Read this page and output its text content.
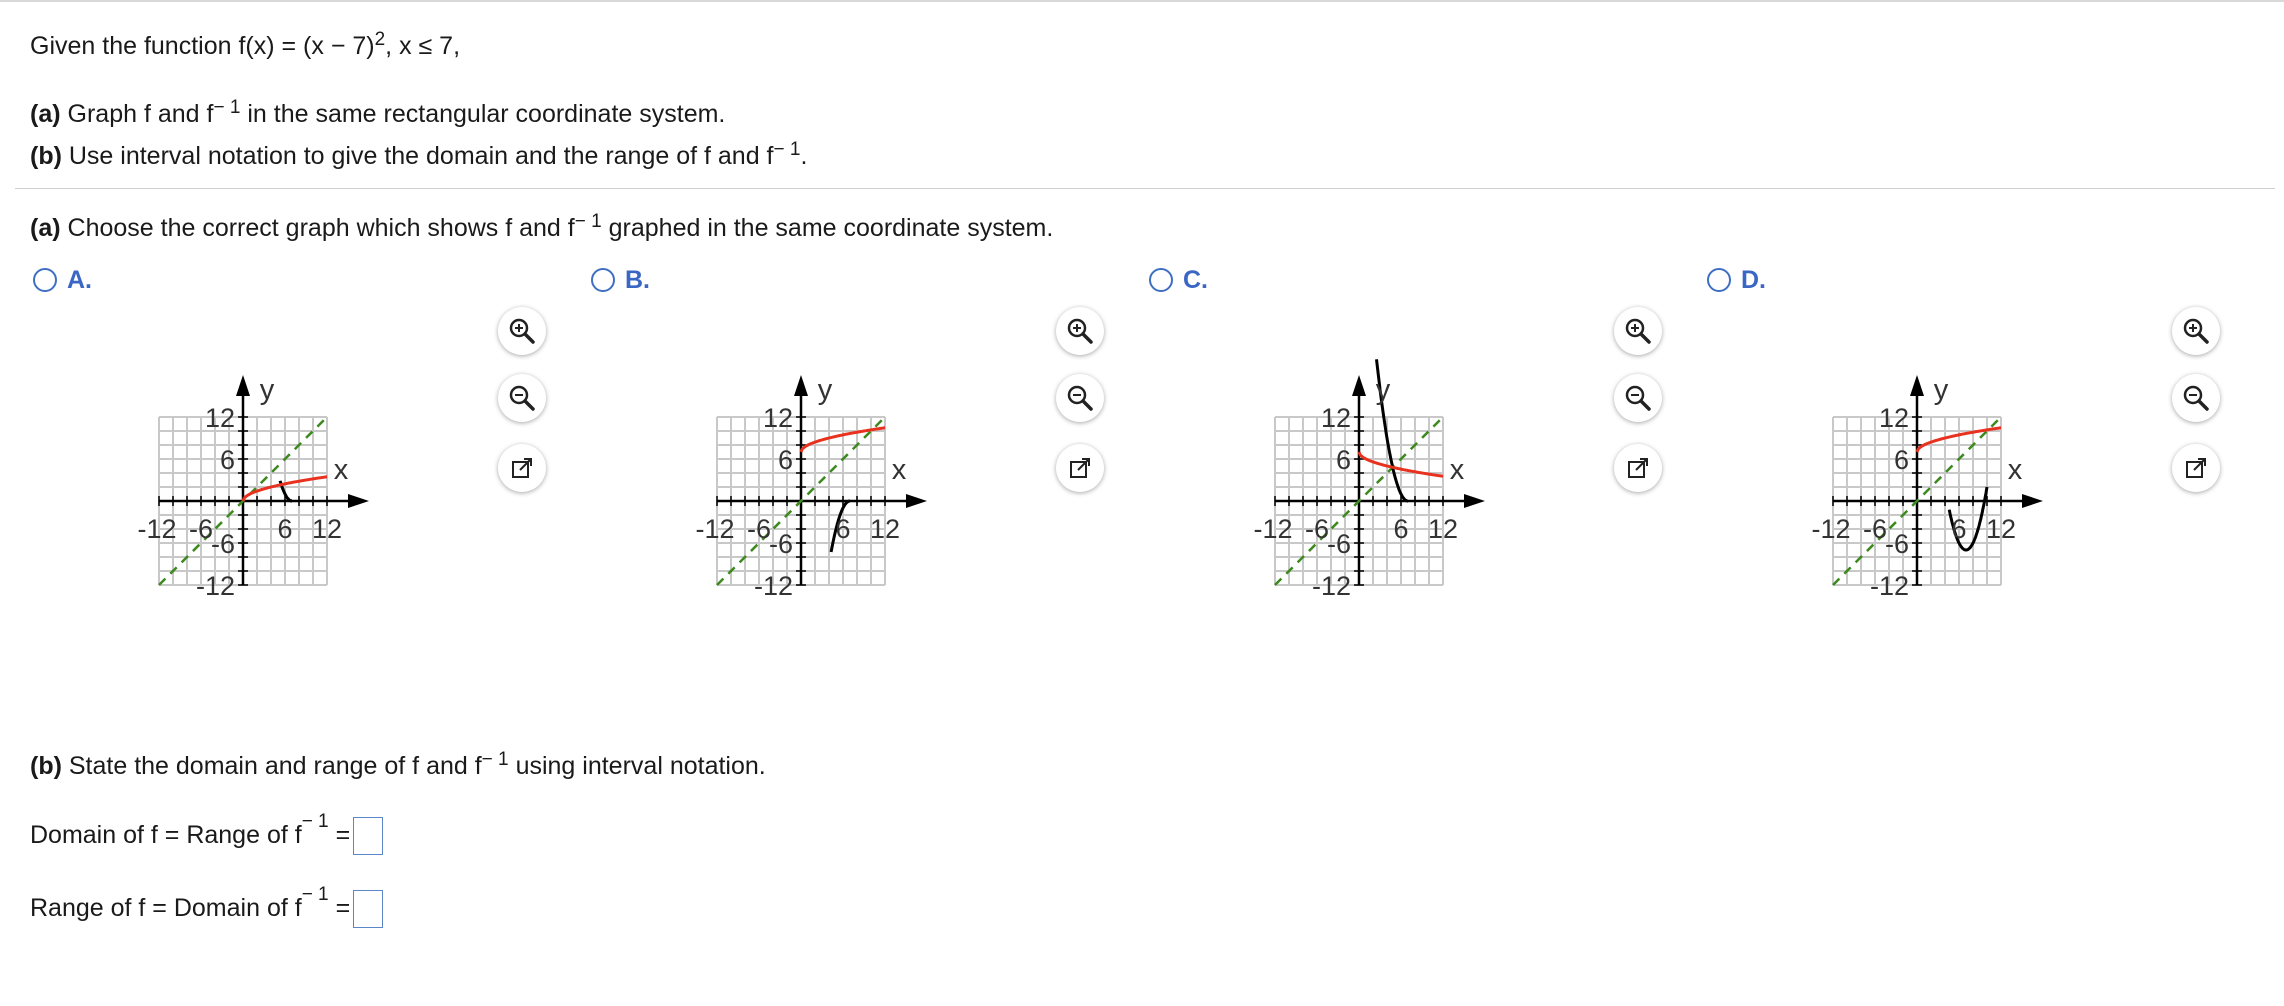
Given the function $f(x) = (x - 7)^2$, x ≤ 7,
(a) Graph f and $f^{- 1}$ in the same rectangular coordinate system.
(b) Use interval notation to give the domain and the range of f and $f^{- 1}$.
(a) Choose the correct graph which shows f and $f^{- 1}$ graphed in the same coordinate system.
A.	B.	C.	D.
-12 -6 6 12
12
6
-6
-12
x
y
-12 -6 6 12
12
6
-6
-12
x
y
-12 -6 6 12
12
6
-6
-12
x
y
-12 -6 6 12
12
6
-6
-12
x
y
(b) State the domain and range of f and $f^{- 1}$ using interval notation.
Domain of f = Range of $f^{- 1}$ =
Range of f = Domain of $f^{- 1}$ =
